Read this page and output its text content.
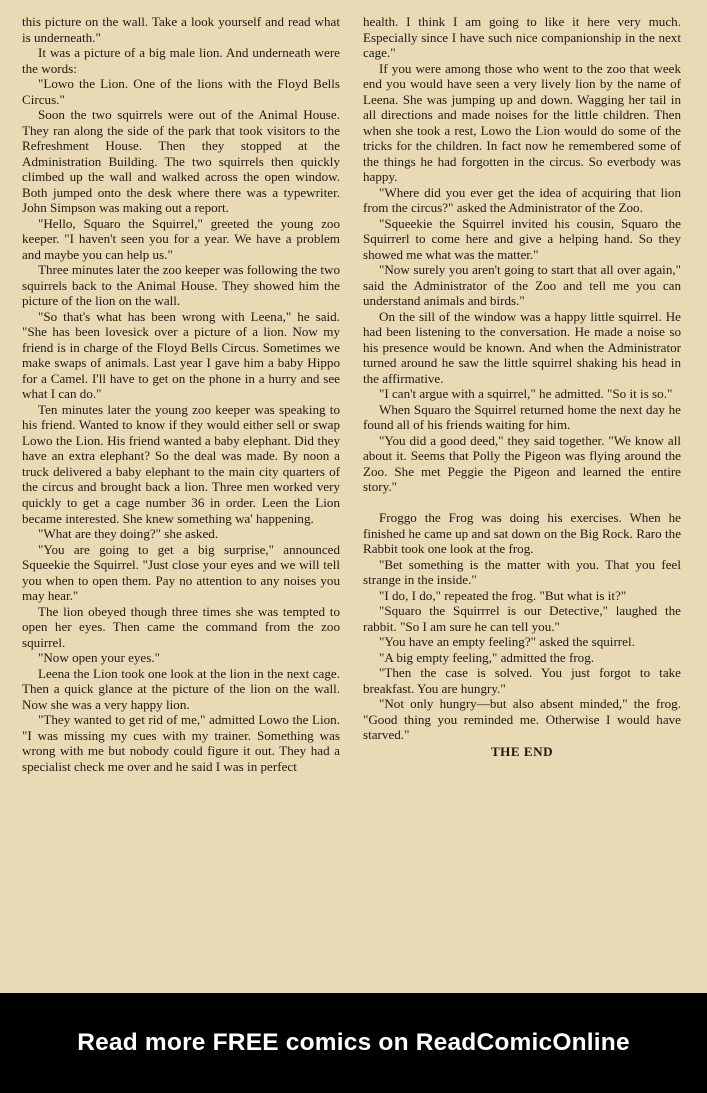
this picture on the wall. Take a look yourself and read what is underneath."

It was a picture of a big male lion. And underneath were the words:

"Lowo the Lion. One of the lions with the Floyd Bells Circus."

Soon the two squirrels were out of the Animal House. They ran along the side of the park that took visitors to the Refreshment House. Then they stopped at the Administration Building. The two squirrels then quickly climbed up the wall and walked across the open window. Both jumped onto the desk where there was a typewriter. John Simpson was making out a report.

"Hello, Squaro the Squirrel," greeted the young zoo keeper. "I haven't seen you for a year. We have a problem and maybe you can help us."

Three minutes later the zoo keeper was following the two squirrels back to the Animal House. They showed him the picture of the lion on the wall.

"So that's what has been wrong with Leena," he said. "She has been lovesick over a picture of a lion. Now my friend is in charge of the Floyd Bells Circus. Sometimes we make swaps of animals. Last year I gave him a baby Hippo for a Camel. I'll have to get on the phone in a hurry and see what I can do."

Ten minutes later the young zoo keeper was speaking to his friend. Wanted to know if they would either sell or swap Lowo the Lion. His friend wanted a baby elephant. Did they have an extra elephant? So the deal was made. By noon a truck delivered a baby elephant to the main city quarters of the circus and brought back a lion. Three men worked very quickly to get a cage number 36 in order. Leen the Lion became interested. She knew something wa' happening.

"What are they doing?" she asked.

"You are going to get a big surprise," announced Squeekie the Squirrel. "Just close your eyes and we will tell you when to open them. Pay no attention to any noises you may hear."

The lion obeyed though three times she was tempted to open her eyes. Then came the command from the zoo squirrel.

"Now open your eyes."

Leena the Lion took one look at the lion in the next cage. Then a quick glance at the picture of the lion on the wall. Now she was a very happy lion.

"They wanted to get rid of me," admitted Lowo the Lion. "I was missing my cues with my trainer. Something was wrong with me but nobody could figure it out. They had a specialist check me over and he said I was in perfect

health. I think I am going to like it here very much. Especially since I have such nice companionship in the next cage."

If you were among those who went to the zoo that week end you would have seen a very lively lion by the name of Leena. She was jumping up and down. Wagging her tail in all directions and made noises for the little children. Then when she took a rest, Lowo the Lion would do some of the tricks for the children. In fact now he remembered some of the things he had forgotten in the circus. So everbody was happy.

"Where did you ever get the idea of acquiring that lion from the circus?" asked the Administrator of the Zoo.

"Squeekie the Squirrel invited his cousin, Squaro the Squirrerl to come here and give a helping hand. So they showed me what was the matter."

"Now surely you aren't going to start that all over again," said the Administrator of the Zoo and tell me you can understand animals and birds."

On the sill of the window was a happy little squirrel. He had been listening to the conversation. He made a noise so his presence would be known. And when the Administrator turned around he saw the little squirrel shaking his head in the affirmative.

"I can't argue with a squirrel," he admitted. "So it is so."

When Squaro the Squirrel returned home the next day he found all of his friends waiting for him.

"You did a good deed," they said together. "We know all about it. Seems that Polly the Pigeon was flying around the Zoo. She met Peggie the Pigeon and learned the entire story."

Froggo the Frog was doing his exercises. When he finished he came up and sat down on the Big Rock. Raro the Rabbit took one look at the frog.

"Bet something is the matter with you. That you feel strange in the inside."

"I do, I do," repeated the frog. "But what is it?"

"Squaro the Squirrrel is our Detective," laughed the rabbit. "So I am sure he can tell you."

"You have an empty feeling?" asked the squirrel.

"A big empty feeling," admitted the frog.

"Then the case is solved. You just forgot to take breakfast. You are hungry."

"Not only hungry—but also absent minded," the frog. "Good thing you reminded me. Otherwise I would have starved."

THE END
Read more FREE comics on ReadComicOnline
